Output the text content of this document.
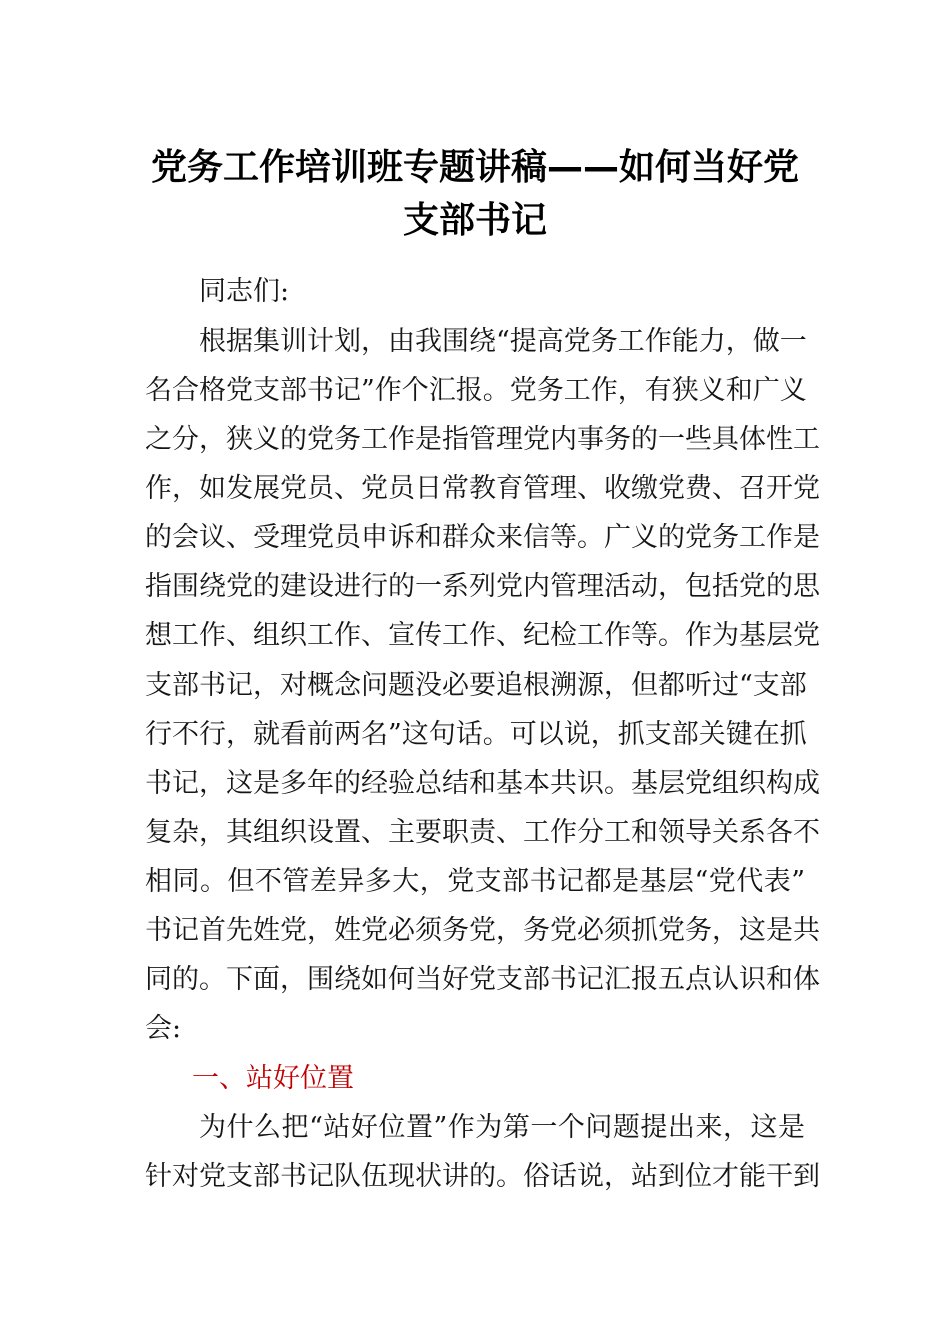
党务工作培训班专题讲稿——如何当好党
支部书记
同志们:
根据集训计划，由我围绕“提高党务工作能力，做一
名合格党支部书记”作个汇报。党务工作，有狭义和广义
之分，狭义的党务工作是指管理党内事务的一些具体性工
作，如发展党员、党员日常教育管理、收缴党费、召开党
的会议、受理党员申诉和群众来信等。广义的党务工作是
指围绕党的建设进行的一系列党内管理活动，包括党的思
想工作、组织工作、宣传工作、纪检工作等。作为基层党
支部书记，对概念问题没必要追根溯源，但都听过“支部
行不行，就看前两名”这句话。可以说，抓支部关键在抓
书记，这是多年的经验总结和基本共识。基层党组织构成
复杂，其组织设置、主要职责、工作分工和领导关系各不
相同。但不管差异多大，党支部书记都是基层“党代表”
书记首先姓党，姓党必须务党，务党必须抓党务，这是共
同的。下面，围绕如何当好党支部书记汇报五点认识和体
会:
一、站好位置
为什么把“站好位置”作为第一个问题提出来，这是
针对党支部书记队伍现状讲的。俗话说，站到位才能干到
